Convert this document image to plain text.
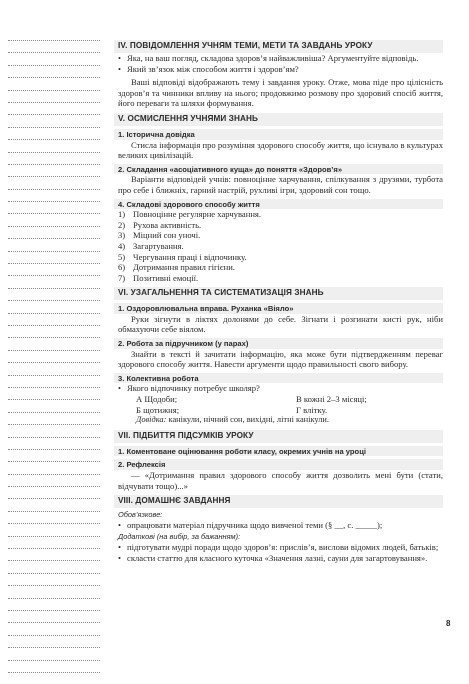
IV. ПОВІДОМЛЕННЯ УЧНЯМ ТЕМИ, МЕТИ ТА ЗАВДАНЬ УРОКУ
• Яка, на ваш погляд, складова здоров’я найважливіша? Аргументуйте відповідь.
• Який зв’язок між способом життя і здоров’ям?

Ваші відповіді відображають тему і завдання уроку. Отже, мова піде про цілісність здоров’я та чинники впливу на нього; продовжимо розмову про здоровий спосіб життя, його переваги та шляхи формування.

V. ОСМИСЛЕННЯ УЧНЯМИ ЗНАНЬ
1. Історична довідка

Стисла інформація про розуміння здорового способу життя, що існувало в культурах великих цивілізацій.

2. Складання «асоціативного куща» до поняття «Здоров’я»

Варіанти відповідей учнів: повноцінне харчування, спілкування з друзями, турбота про себе і ближніх, гарний настрій, рухливі ігри, здоровий сон тощо.

4. Складові здорового способу життя
1) Повноцінне регулярне харчування.
2) Рухова активність.
3) Міцний сон уночі.
4) Загартування.
5) Чергування праці і відпочинку.
6) Дотримання правил гігієни.
7) Позитивні емоції.
VI. УЗАГАЛЬНЕННЯ ТА СИСТЕМАТИЗАЦІЯ ЗНАНЬ
1. Оздоровлювальна вправа. Руханка «Віяло»

Руки зігнути в ліктях долонями до себе. Зігнати і розгинати кисті рук, ніби обмахуючи себе віялом.

2. Робота за підручником (у парах)

Знайти в тексті й зачитати інформацію, яка може бути підтвердженням переваг здорового способу життя. Навести аргументи щодо правильності свого вибору.

3. Колективна робота
• Якого відпочинку потребує школяр?
А Щодоби;	В кожні 2–3 місяці;
Б щотижня;	Г влітку.
Довідка: канікули, нічний сон, вихідні, літні канікули.
VII. ПІДБИТТЯ ПІДСУМКІВ УРОКУ
1. Коментоване оцінювання роботи класу, окремих учнів на уроці
2. Рефлексія

— «Дотримання правил здорового способу життя дозволить мені бути (стати, відчувати тощо)...»

VIII. ДОМАШНЄ ЗАВДАННЯ
Обов’язкове:
• опрацювати матеріал підручника щодо вивченої теми (§ __, с. _____);
Додаткові (на вибір, за бажанням):
• підготувати мудрі поради щодо здоров’я: прислів’я, вислови відомих людей, батьків;
• скласти статтю для класного куточка «Значення лазні, сауни для загартовування».
8
